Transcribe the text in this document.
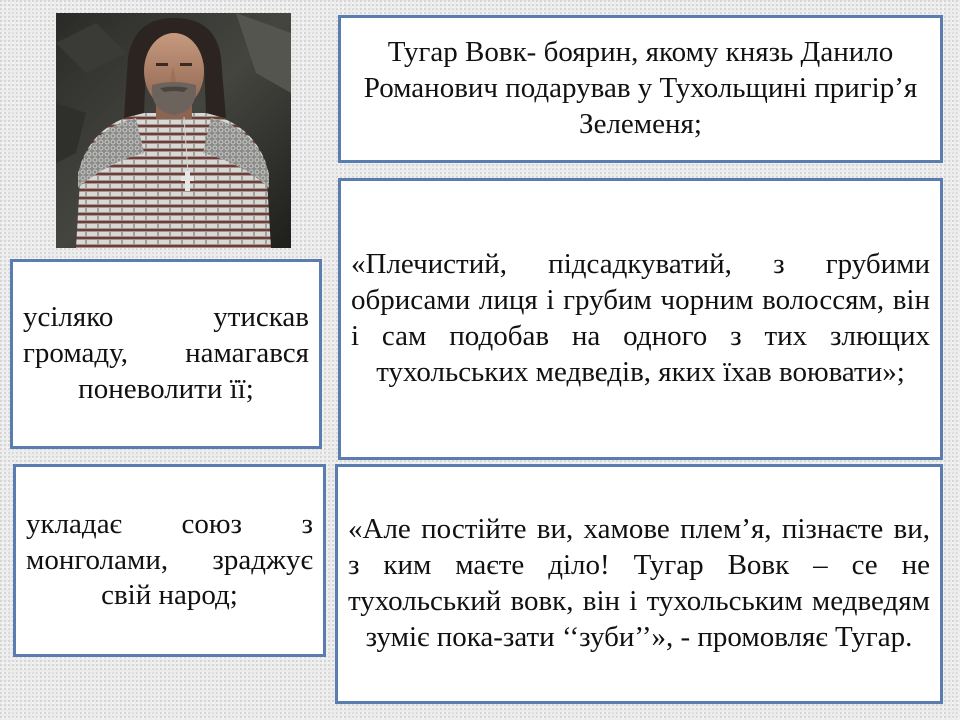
Тугар Вовк- боярин, якому князь Данило Романович подарував у Тухольщині пригір’я Зелеменя;
«Плечистий, підсадкуватий, з грубими обрисами лиця і грубим чорним волоссям, він і сам подобав на одного з тих злющих тухольських медведів, яких їхав воювати»;
усіляко утискав громаду, намагався поневолити її;
укладає союз з монголами, зраджує свій народ;
«Але постійте ви, хамове плем’я, пізнаєте ви, з ким маєте діло! Тугар Вовк – се не тухольський вовк, він і тухольським медведям зуміє пока-зати ‘‘зуби’’», - промовляє Тугар.
